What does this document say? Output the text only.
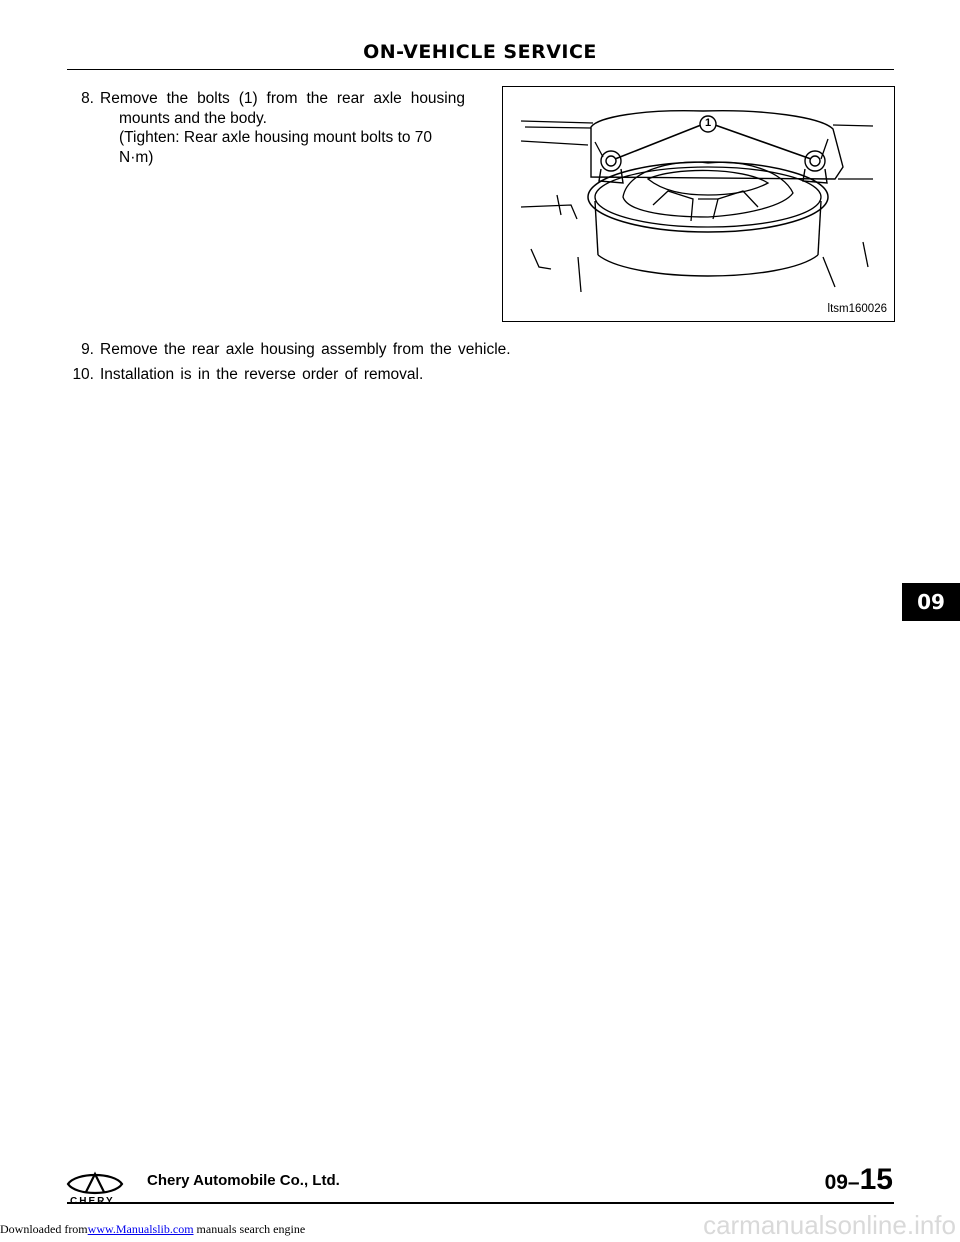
ON-VEHICLE SERVICE
8. Remove the bolts (1) from the rear axle housing
mounts and the body.
(Tighten: Rear axle housing mount bolts to 70 N·m)
1
ltsm160026
9. Remove the rear axle housing assembly from the vehicle.
10. Installation is in the reverse order of removal.
09
CHERY
Chery Automobile Co., Ltd.	09–15
Downloaded fromwww.Manualslib.com manuals search engine	carmanualsonline.info
